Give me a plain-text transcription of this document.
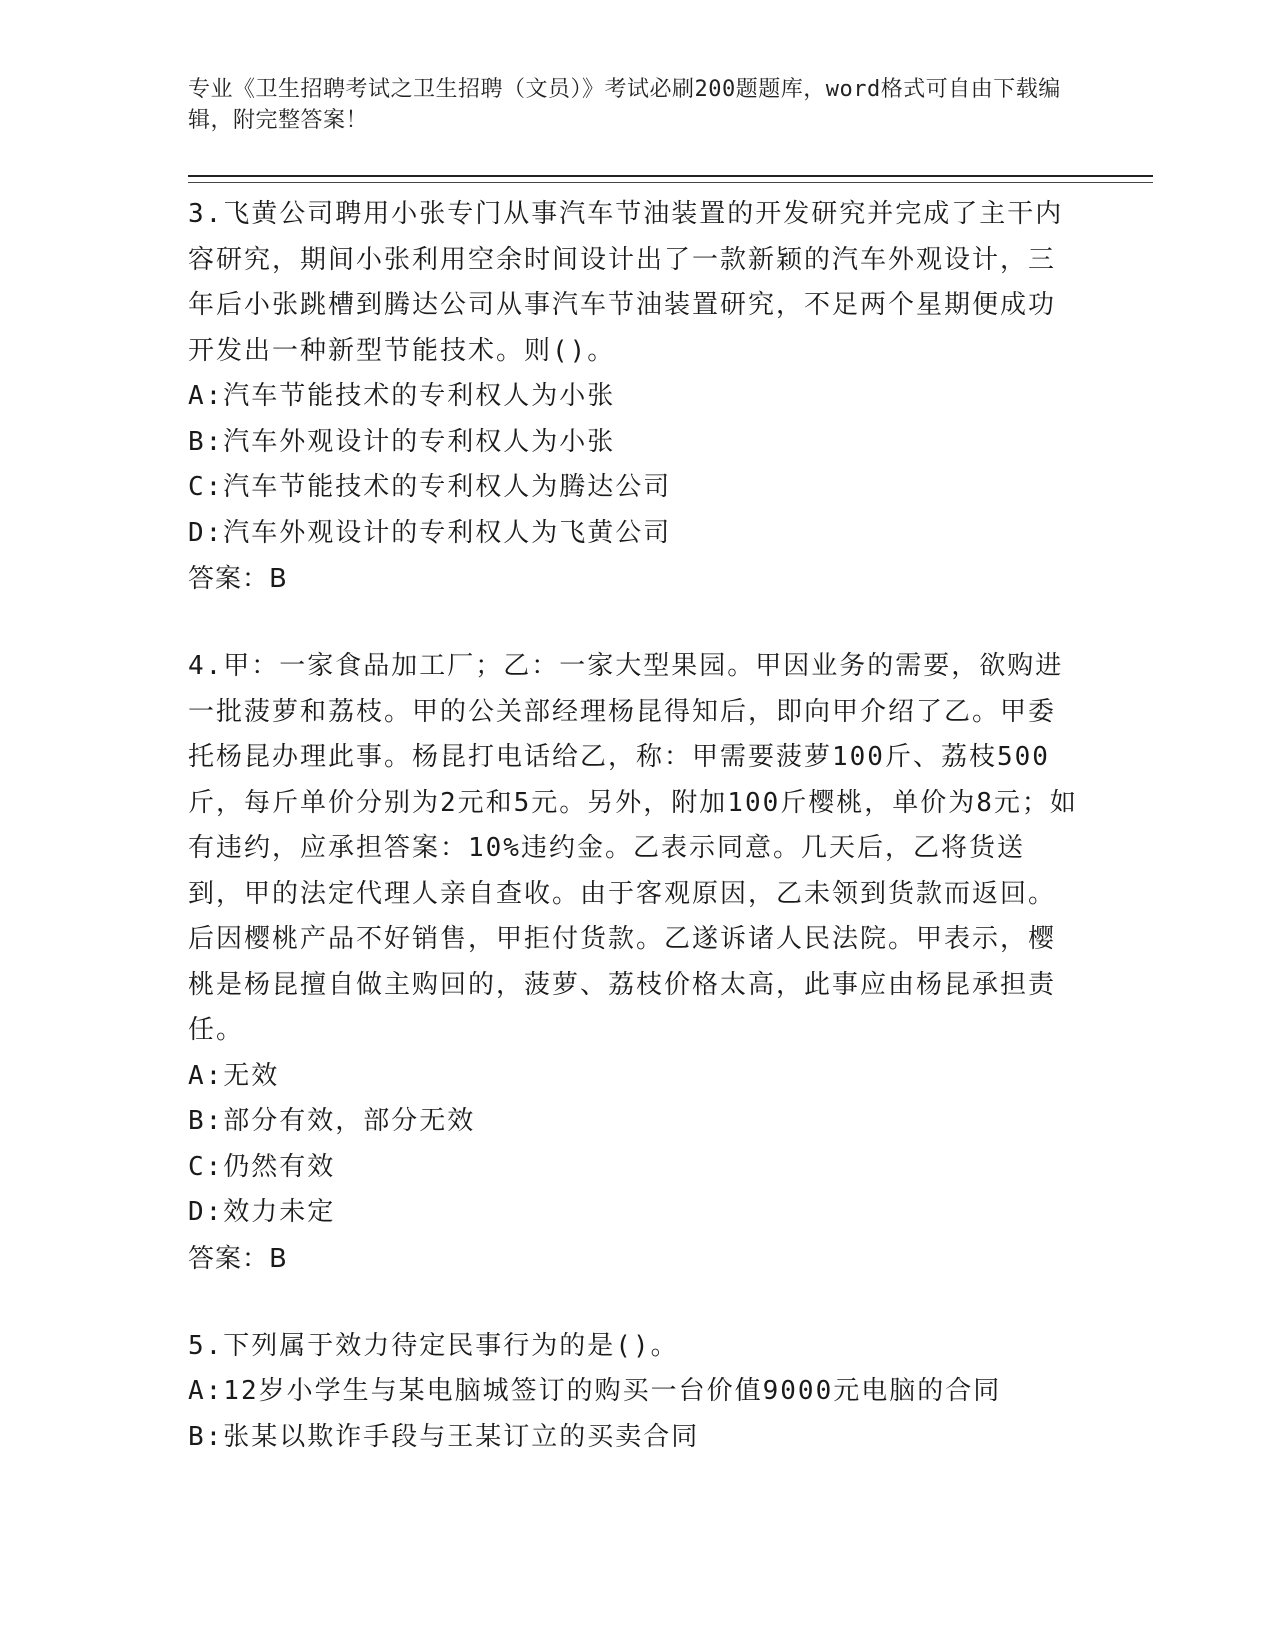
专业《卫生招聘考试之卫生招聘（文员）》考试必刷200题题库，word格式可自由下载编辑，附完整答案！
3.飞黄公司聘用小张专门从事汽车节油装置的开发研究并完成了主干内容研究，期间小张利用空余时间设计出了一款新颖的汽车外观设计，三年后小张跳槽到腾达公司从事汽车节油装置研究，不足两个星期便成功开发出一种新型节能技术。则()。
A:汽车节能技术的专利权人为小张
B:汽车外观设计的专利权人为小张
C:汽车节能技术的专利权人为腾达公司
D:汽车外观设计的专利权人为飞黄公司
答案：B
4.甲：一家食品加工厂；乙：一家大型果园。甲因业务的需要，欲购进一批菠萝和荔枝。甲的公关部经理杨昆得知后，即向甲介绍了乙。甲委托杨昆办理此事。杨昆打电话给乙，称：甲需要菠萝100斤、荔枝500斤，每斤单价分别为2元和5元。另外，附加100斤樱桃，单价为8元；如有违约，应承担答案：10%违约金。乙表示同意。几天后，乙将货送到，甲的法定代理人亲自查收。由于客观原因，乙未领到货款而返回。后因樱桃产品不好销售，甲拒付货款。乙遂诉诸人民法院。甲表示，樱桃是杨昆擅自做主购回的，菠萝、荔枝价格太高，此事应由杨昆承担责任。
A:无效
B:部分有效，部分无效
C:仍然有效
D:效力未定
答案：B
5.下列属于效力待定民事行为的是()。
A:12岁小学生与某电脑城签订的购买一台价值9000元电脑的合同
B:张某以欺诈手段与王某订立的买卖合同
